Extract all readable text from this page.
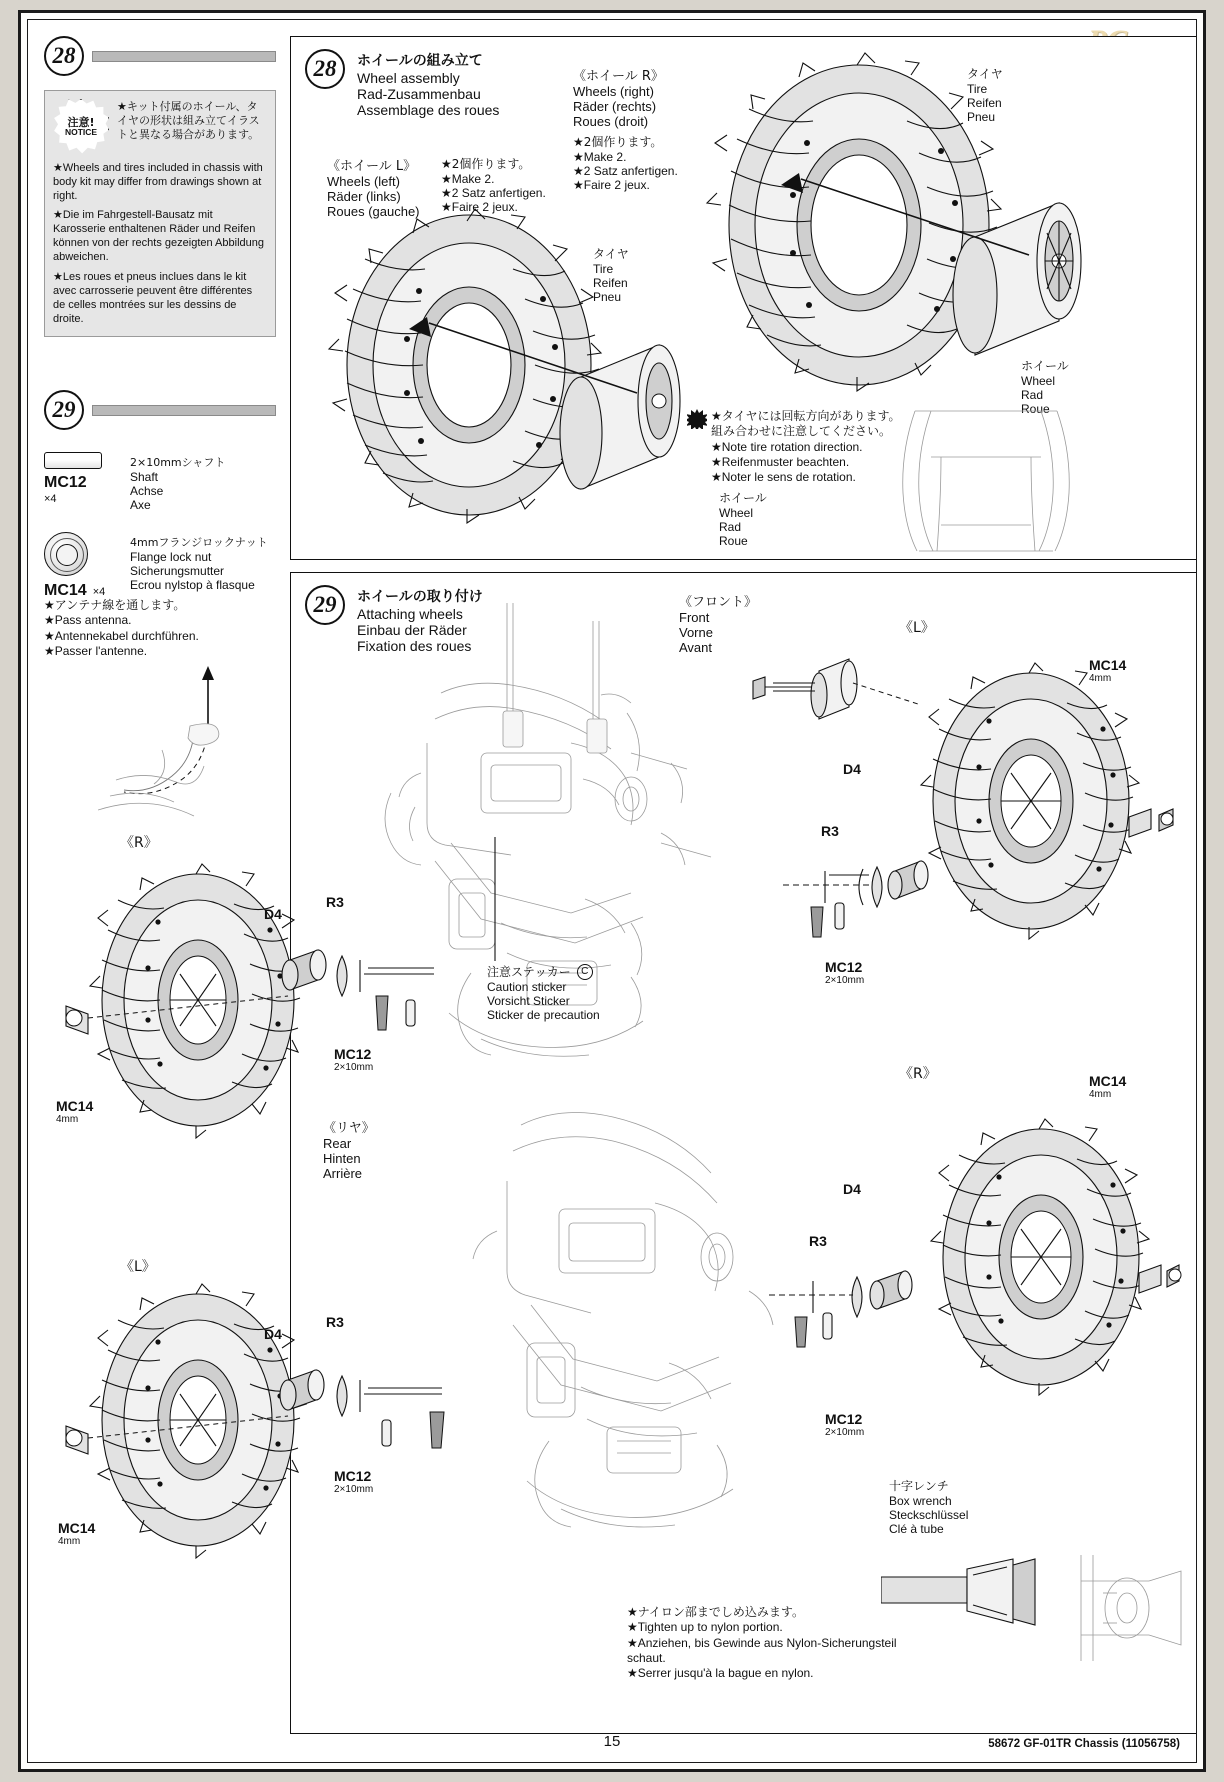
28
注意!
NOTICE
★キット付属のホイール、タイヤの形状は組み立てイラストと異なる場合があります。
★Wheels and tires included in chassis with body kit may differ from drawings shown at right.
★Die im Fahrgestell-Bausatz mit Karosserie enthaltenen Räder und Reifen können von der rechts gezeigten Abbildung abweichen.
★Les roues et pneus inclues dans le kit avec carrosserie peuvent être différentes de celles montrées sur les dessins de droite.
29
MC12
×4
2×10mmシャフト
Shaft
Achse
Axe
MC14 ×4
4mmフランジロックナット
Flange lock nut
Sicherungsmutter
Ecrou nylstop à flasque
★アンテナ線を通します。
★Pass antenna.
★Antennekabel durchführen.
★Passer l'antenne.
28	ホイールの組み立て
Wheel assembly
Rad-Zusammenbau
Assemblage des roues
《ホイール L》
Wheels (left)
Räder (links)
Roues (gauche)
★2個作ります。
★Make 2.
★2 Satz anfertigen.
★Faire 2 jeux.
《ホイール R》
Wheels (right)
Räder (rechts)
Roues (droit)
★2個作ります。
★Make 2.
★2 Satz anfertigen.
★Faire 2 jeux.
タイヤ
Tire
Reifen
Pneu
ホイール
Wheel
Rad
Roue
タイヤ
Tire
Reifen
Pneu
ホイール
Wheel
Rad
Roue
★タイヤには回転方向があります。
組み合わせに注意してください。
★Note tire rotation direction.
★Reifenmuster beachten.
★Noter le sens de rotation.
29	ホイールの取り付け
Attaching wheels
Einbau der Räder
Fixation des roues
《フロント》
Front
Vorne
Avant
《リヤ》
Rear
Hinten
Arrière
《L》
MC14
4mm
D4
R3
MC12
2×10mm
注意ステッカー	C
Caution sticker
Vorsicht Sticker
Sticker de precaution
《R》	MC14
4mm
D4
R3
MC12
2×10mm
十字レンチ
Box wrench
Steckschlüssel
Clé à tube
★ナイロン部までしめ込みます。
★Tighten up to nylon portion.
★Anziehen, bis Gewinde aus Nylon-Sicherungsteil schaut.
★Serrer jusqu'à la bague en nylon.
《R》
MC14
4mm
D4
R3
MC12
2×10mm
《L》
MC14
4mm
D4
R3
MC12
2×10mm
15	58672 GF-01TR Chassis (11056758)
